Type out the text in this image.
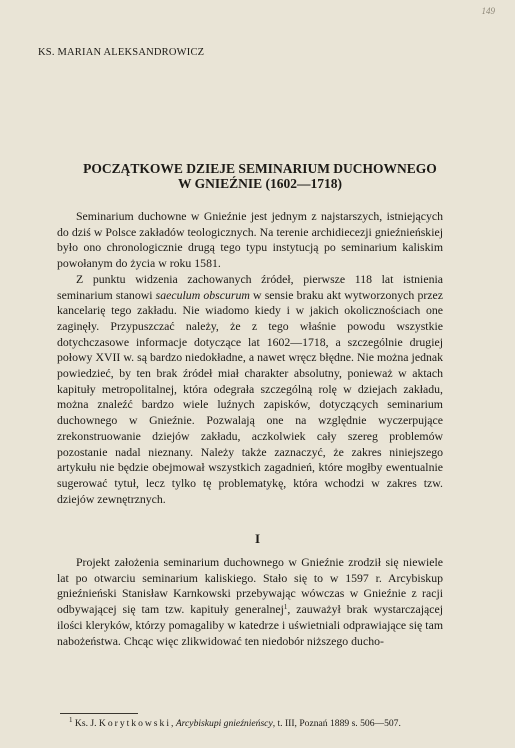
149
KS. MARIAN ALEKSANDROWICZ
POCZĄTKOWE DZIEJE SEMINARIUM DUCHOWNEGO
W GNIEŹNIE (1602—1718)

Seminarium duchowne w Gnieźnie jest jednym z najstarszych, istniejących do dziś w Polsce zakładów teologicznych. Na terenie archidiecezji gnieźnieńskiej było ono chronologicznie drugą tego typu instytucją po seminarium kaliskim powołanym do życia w roku 1581.

Z punktu widzenia zachowanych źródeł, pierwsze 118 lat istnienia seminarium stanowi saeculum obscurum w sensie braku akt wytworzonych przez kancelarię tego zakładu. Nie wiadomo kiedy i w jakich okolicznościach one zaginęły. Przypuszczać należy, że z tego właśnie powodu wszystkie dotychczasowe informacje dotyczące lat 1602—1718, a szczególnie drugiej połowy XVII w. są bardzo niedokładne, a nawet wręcz błędne. Nie można jednak powiedzieć, by ten brak źródeł miał charakter absolutny, ponieważ w aktach kapituły metropolitalnej, która odegrała szczególną rolę w dziejach zakładu, można znaleźć bardzo wiele luźnych zapisków, dotyczących seminarium duchownego w Gnieźnie. Pozwalają one na względnie wyczerpujące zrekonstruowanie dziejów zakładu, aczkolwiek cały szereg problemów pozostanie nadal nieznany. Należy także zaznaczyć, że zakres niniejszego artykułu nie będzie obejmował wszystkich zagadnień, które mogłby ewentualnie sugerować tytuł, lecz tylko tę problematykę, która wchodzi w zakres tzw. dziejów zewnętrznych.

I

Projekt założenia seminarium duchownego w Gnieźnie zrodził się niewiele lat po otwarciu seminarium kaliskiego. Stało się to w 1597 r. Arcybiskup gnieźnieński Stanisław Karnkowski przebywając wówczas w Gnieźnie z racji odbywającej się tam tzw. kapituły generalnej$^1$, zauważył brak wystarczającej ilości kleryków, którzy pomagaliby w katedrze i uświetniali odprawiające się tam nabożeństwa. Chcąc więc zlikwidować ten niedobór niższego ducho-

$^1$ Ks. J. Korytkowski, Arcybiskupi gnieźnieńscy, t. III, Poznań 1889 s. 506—507.
